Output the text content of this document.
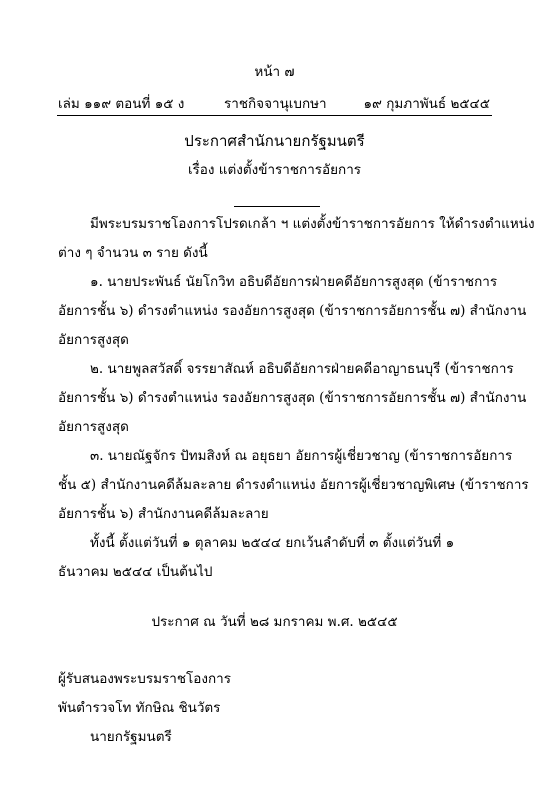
หน้า ๗
เล่ม ๑๑๙ ตอนที่ ๑๕ ง	ราชกิจจานุเบกษา	๑๙ กุมภาพันธ์ ๒๕๔๕
ประกาศสำนักนายกรัฐมนตรี
เรื่อง แต่งตั้งข้าราชการอัยการ
มีพระบรมราชโองการโปรดเกล้า ฯ แต่งตั้งข้าราชการอัยการ ให้ดำรงตำแหน่ง
ต่าง ๆ จำนวน ๓ ราย ดังนี้
๑. นายประพันธ์ นัยโกวิท อธิบดีอัยการฝ่ายคดีอัยการสูงสุด (ข้าราชการ
อัยการชั้น ๖) ดำรงตำแหน่ง รองอัยการสูงสุด (ข้าราชการอัยการชั้น ๗) สำนักงาน
อัยการสูงสุด
๒. นายพูลสวัสดิ์ จรรยาสัณห์ อธิบดีอัยการฝ่ายคดีอาญาธนบุรี (ข้าราชการ
อัยการชั้น ๖) ดำรงตำแหน่ง รองอัยการสูงสุด (ข้าราชการอัยการชั้น ๗) สำนักงาน
อัยการสูงสุด
๓. นายณัฐจักร ปัทมสิงห์ ณ อยุธยา อัยการผู้เชี่ยวชาญ (ข้าราชการอัยการ
ชั้น ๕) สำนักงานคดีล้มละลาย ดำรงตำแหน่ง อัยการผู้เชี่ยวชาญพิเศษ (ข้าราชการ
อัยการชั้น ๖) สำนักงานคดีล้มละลาย
ทั้งนี้ ตั้งแต่วันที่ ๑ ตุลาคม ๒๕๔๔ ยกเว้นลำดับที่ ๓ ตั้งแต่วันที่ ๑
ธันวาคม ๒๕๔๔ เป็นต้นไป
ประกาศ ณ วันที่ ๒๘ มกราคม พ.ศ. ๒๕๔๕
ผู้รับสนองพระบรมราชโองการ
พันตำรวจโท ทักษิณ ชินวัตร
นายกรัฐมนตรี
